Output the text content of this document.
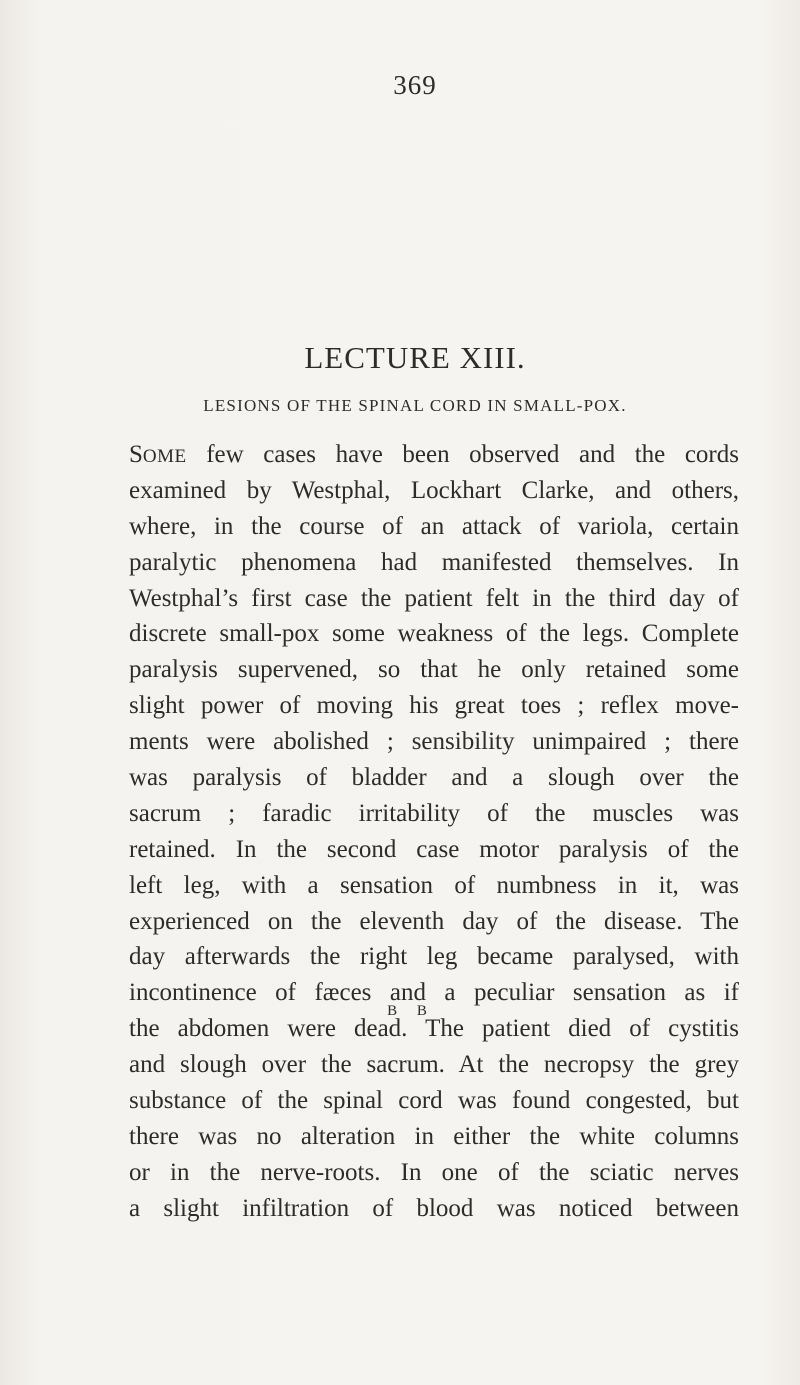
369
LECTURE XIII.
LESIONS OF THE SPINAL CORD IN SMALL-POX.
SOME few cases have been observed and the cords
examined by Westphal, Lockhart Clarke, and others,
where, in the course of an attack of variola, certain
paralytic phenomena had manifested themselves. In
Westphal’s first case the patient felt in the third day of
discrete small-pox some weakness of the legs. Complete
paralysis supervened, so that he only retained some
slight power of moving his great toes ; reflex move-
ments were abolished ; sensibility unimpaired ; there
was paralysis of bladder and a slough over the
sacrum ; faradic irritability of the muscles was
retained. In the second case motor paralysis of the
left leg, with a sensation of numbness in it, was
experienced on the eleventh day of the disease. The
day afterwards the right leg became paralysed, with
incontinence of fæces and a peculiar sensation as if
the abdomen were dead. The patient died of cystitis
and slough over the sacrum. At the necropsy the grey
substance of the spinal cord was found congested, but
there was no alteration in either the white columns
or in the nerve-roots. In one of the sciatic nerves
a slight infiltration of blood was noticed between
B B
